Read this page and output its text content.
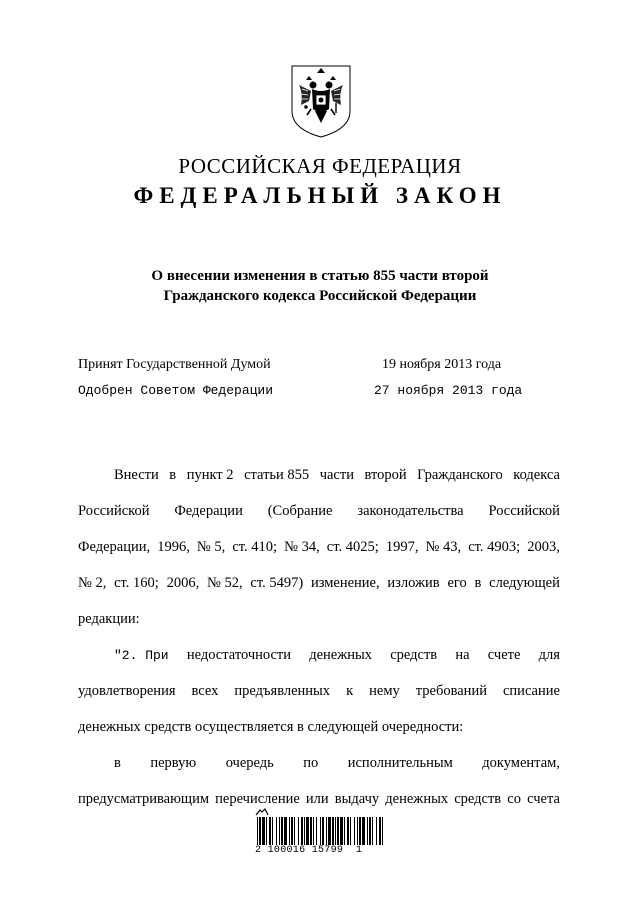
РОССИЙСКАЯ ФЕДЕРАЦИЯ
ФЕДЕРАЛЬНЫЙ ЗАКОН
О внесении изменения в статью 855 части второй
Гражданского кодекса Российской Федерации
Принят Государственной Думой	19 ноября 2013 года
Одобрен Советом Федерации	27 ноября 2013 года
Внести в пункт 2 статьи 855 части второй Гражданского кодекса
Российской Федерации (Собрание законодательства Российской
Федерации, 1996, № 5, ст. 410; № 34, ст. 4025; 1997, № 43, ст. 4903; 2003,
№ 2, ст. 160; 2006, № 52, ст. 5497) изменение, изложив его в следующей
редакции:
"2. При недостаточности денежных средств на счете для
удовлетворения всех предъявленных к нему требований списание
денежных средств осуществляется в следующей очередности:
в первую очередь по исполнительным документам,
предусматривающим перечисление или выдачу денежных средств со счета
2 100016 15799  1
